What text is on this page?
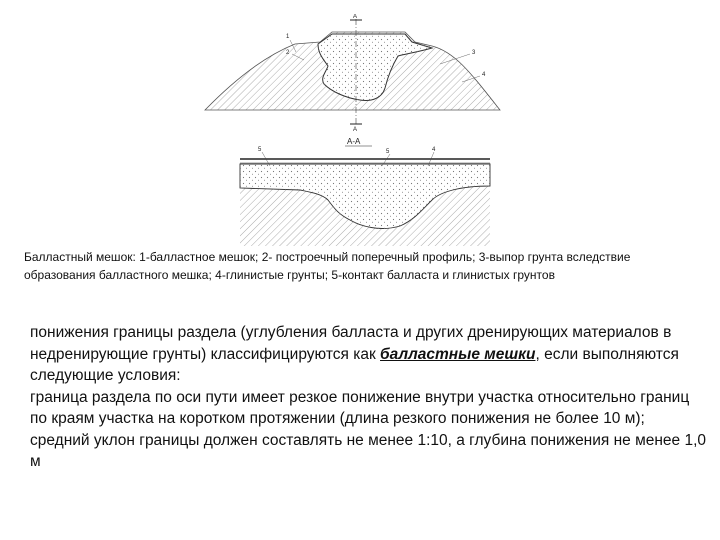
А
А
1
2	3
4
А-А
5	5	4
Балластный мешок: 1-балластное мешок; 2- построечный поперечный профиль; 3-выпор грунта вследствие образования балластного мешка; 4-глинистые грунты; 5-контакт балласта и глинистых грунтов

понижения границы раздела (углубления балласта и других дренирующих материалов в недренирующие грунты) классифицируются как балластные мешки, если выполняются следующие условия:

граница раздела по оси пути имеет резкое понижение внутри участка относительно границ по краям участка на коротком протяжении (длина резкого понижения не более 10 м);

средний уклон границы должен составлять не менее 1:10, а глубина понижения не менее 1,0 м
